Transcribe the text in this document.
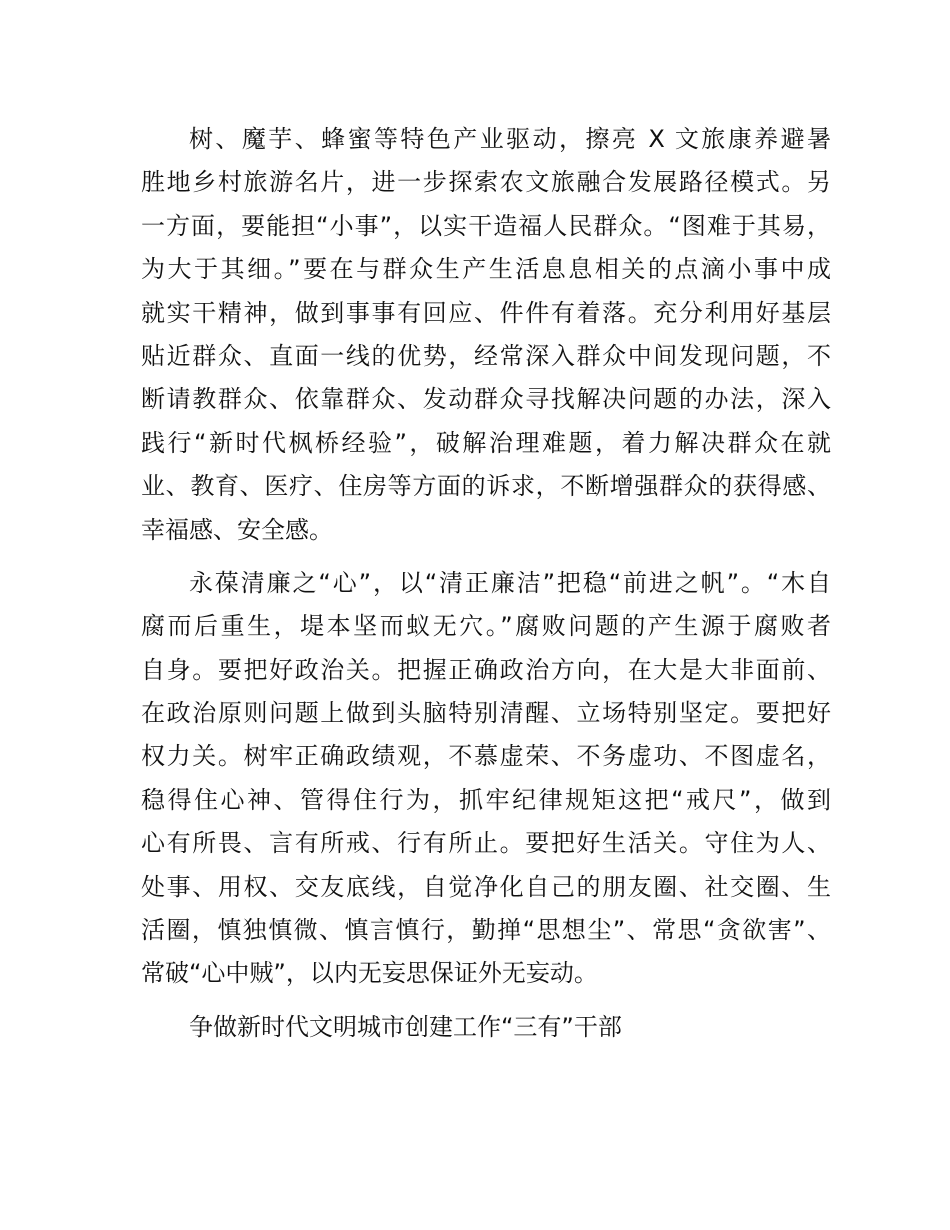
树、魔芋、蜂蜜等特色产业驱动，擦亮 X 文旅康养避暑
胜地乡村旅游名片，进一步探索农文旅融合发展路径模式。另
一方面，要能担“小事”，以实干造福人民群众。“图难于其易，
为大于其细。”要在与群众生产生活息息相关的点滴小事中成
就实干精神，做到事事有回应、件件有着落。充分利用好基层
贴近群众、直面一线的优势，经常深入群众中间发现问题，不
断请教群众、依靠群众、发动群众寻找解决问题的办法，深入
践行“新时代枫桥经验”，破解治理难题，着力解决群众在就
业、教育、医疗、住房等方面的诉求，不断增强群众的获得感、
幸福感、安全感。
永葆清廉之“心”，以“清正廉洁”把稳“前进之帆”。“木自
腐而后重生，堤本坚而蚁无穴。”腐败问题的产生源于腐败者
自身。要把好政治关。把握正确政治方向，在大是大非面前、
在政治原则问题上做到头脑特别清醒、立场特别坚定。要把好
权力关。树牢正确政绩观，不慕虚荣、不务虚功、不图虚名，
稳得住心神、管得住行为，抓牢纪律规矩这把“戒尺”，做到
心有所畏、言有所戒、行有所止。要把好生活关。守住为人、
处事、用权、交友底线，自觉净化自己的朋友圈、社交圈、生
活圈，慎独慎微、慎言慎行，勤掸“思想尘”、常思“贪欲害”、
常破“心中贼”，以内无妄思保证外无妄动。
争做新时代文明城市创建工作“三有”干部
